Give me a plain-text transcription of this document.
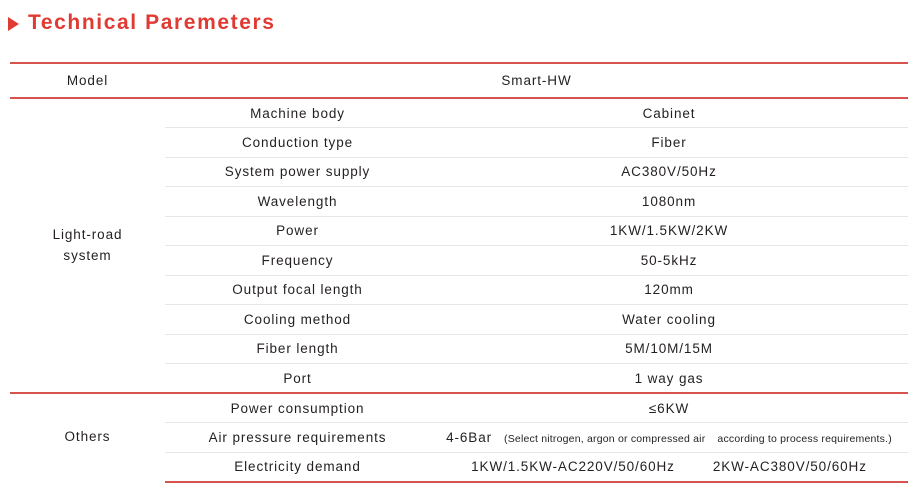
Technical Paremeters
Model	Smart-HW	

Light-road
system	Machine body	Cabinet
	Conduction type	Fiber
	System power supply	AC380V/50Hz
	Wavelength	1080nm
	Power	1KW/1.5KW/2KW
	Frequency	50-5kHz
	Output focal length	120mm
	Cooling method	Water cooling
	Fiber length	5M/10M/15M
	Port	1 way gas

Others	Power consumption	≤6KW
	Air pressure requirements	4-6Bar (Select nitrogen, argon or compressed air according to process requirements.)

	Electricity demand	1KW/1.5KW-AC220V/50/60Hz 2KW-AC380V/50/60Hz
